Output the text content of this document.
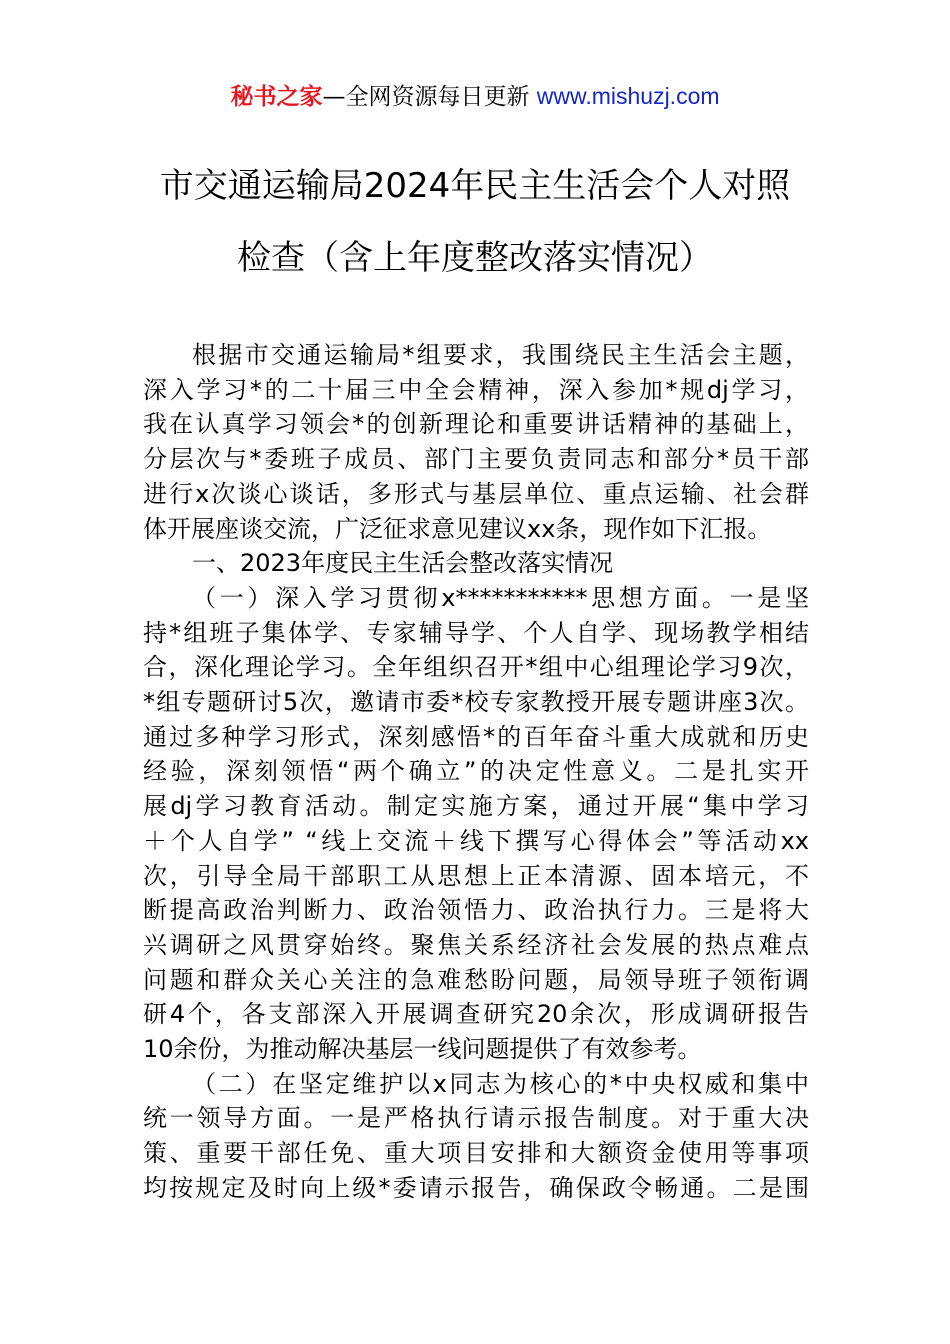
秘书之家—全网资源每日更新 www.mishuzj.com
市交通运输局2024年民主生活会个人对照
检查（含上年度整改落实情况）
根据市交通运输局*组要求，我围绕民主生活会主题，
深入学习*的二十届三中全会精神，深入参加*规dj学习，
我在认真学习领会*的创新理论和重要讲话精神的基础上，
分层次与*委班子成员、部门主要负责同志和部分*员干部
进行x次谈心谈话，多形式与基层单位、重点运输、社会群
体开展座谈交流，广泛征求意见建议xx条，现作如下汇报。
一、2023年度民主生活会整改落实情况
（一）深入学习贯彻x***********思想方面。一是坚
持*组班子集体学、专家辅导学、个人自学、现场教学相结
合，深化理论学习。全年组织召开*组中心组理论学习9次，
*组专题研讨5次，邀请市委*校专家教授开展专题讲座3次。
通过多种学习形式，深刻感悟*的百年奋斗重大成就和历史
经验，深刻领悟“两个确立”的决定性意义。二是扎实开
展dj学习教育活动。制定实施方案，通过开展“集中学习
＋个人自学” “线上交流＋线下撰写心得体会”等活动xx
次，引导全局干部职工从思想上正本清源、固本培元，不
断提高政治判断力、政治领悟力、政治执行力。三是将大
兴调研之风贯穿始终。聚焦关系经济社会发展的热点难点
问题和群众关心关注的急难愁盼问题，局领导班子领衔调
研4个，各支部深入开展调查研究20余次，形成调研报告
10余份，为推动解决基层一线问题提供了有效参考。
（二）在坚定维护以x同志为核心的*中央权威和集中
统一领导方面。一是严格执行请示报告制度。对于重大决
策、重要干部任免、重大项目安排和大额资金使用等事项
均按规定及时向上级*委请示报告，确保政令畅通。二是围
